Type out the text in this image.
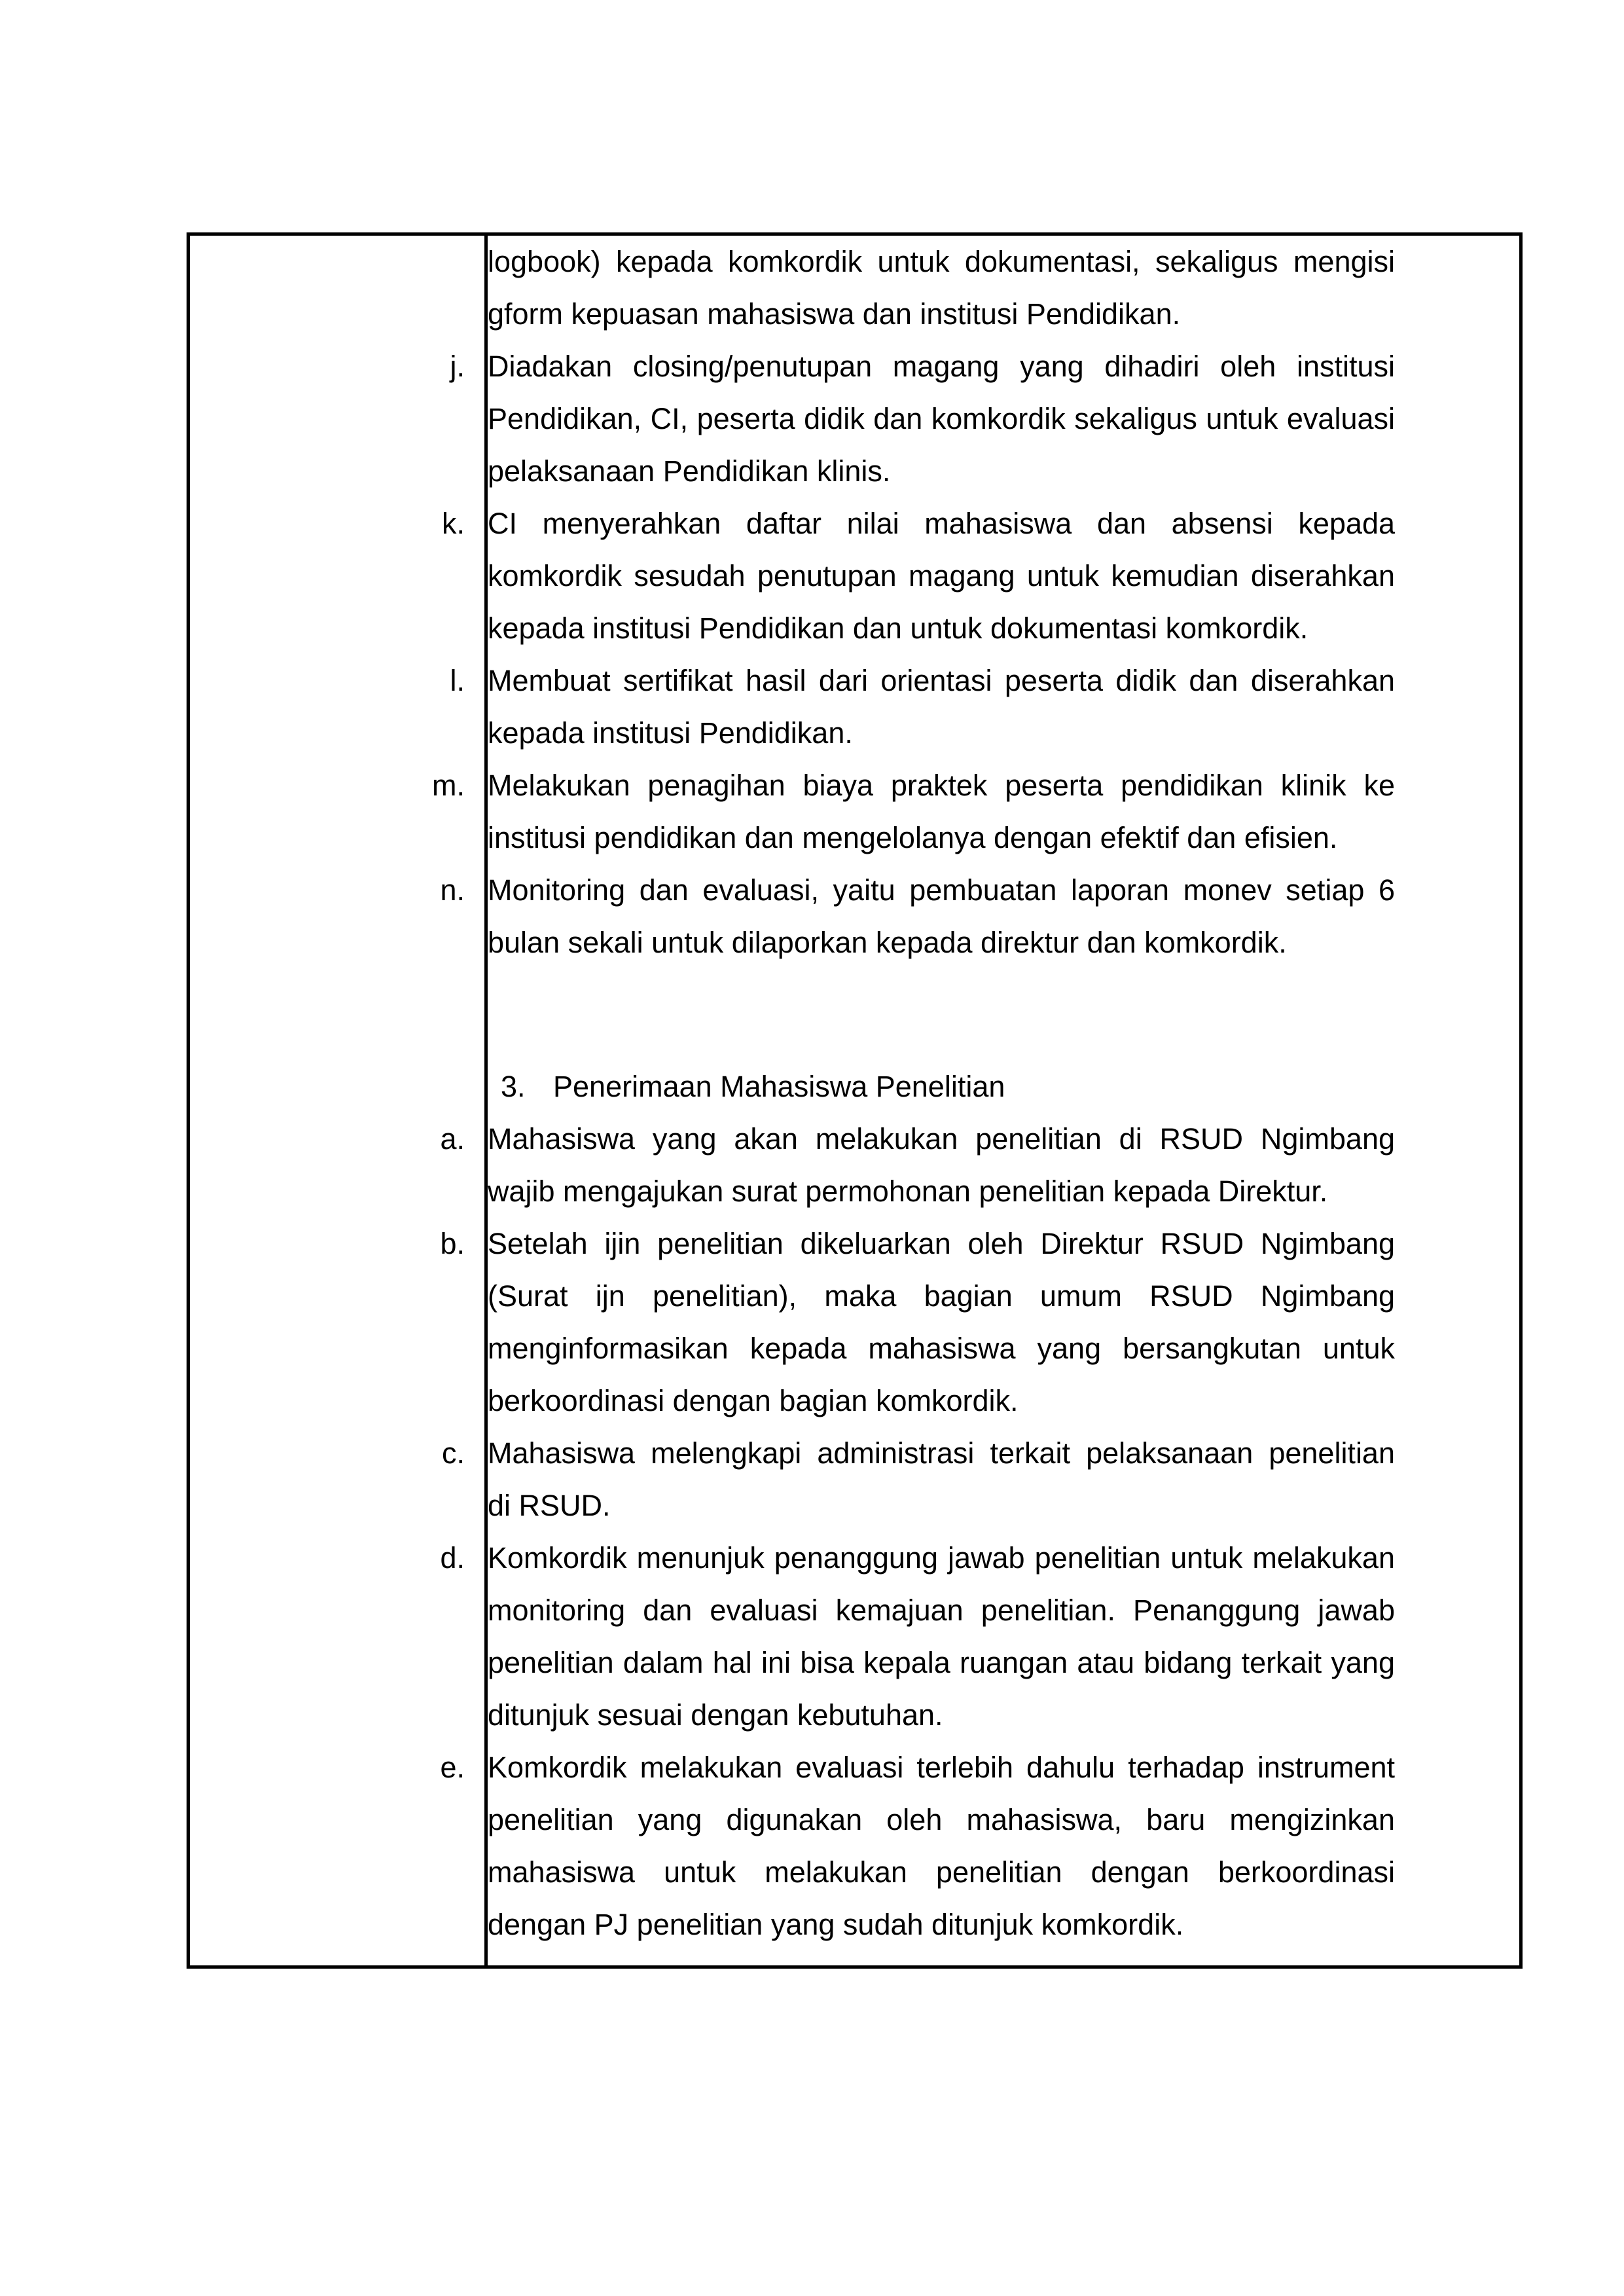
logbook) kepada komkordik untuk dokumentasi, sekaligus mengisi
gform kepuasan mahasiswa dan institusi Pendidikan.
j. Diadakan closing/penutupan magang yang dihadiri oleh institusi
Pendidikan, CI, peserta didik dan komkordik sekaligus untuk evaluasi
pelaksanaan Pendidikan klinis.
k. CI menyerahkan daftar nilai mahasiswa dan absensi kepada
komkordik sesudah penutupan magang untuk kemudian diserahkan
kepada institusi Pendidikan dan untuk dokumentasi komkordik.
l. Membuat sertifikat hasil dari orientasi peserta didik dan diserahkan
kepada institusi Pendidikan.
m. Melakukan penagihan biaya praktek peserta pendidikan klinik ke
institusi pendidikan dan mengelolanya dengan efektif dan efisien.
n. Monitoring dan evaluasi, yaitu pembuatan laporan monev setiap 6
bulan sekali untuk dilaporkan kepada direktur dan komkordik.
3. Penerimaan Mahasiswa Penelitian
a. Mahasiswa yang akan melakukan penelitian di RSUD Ngimbang
wajib mengajukan surat permohonan penelitian kepada Direktur.
b. Setelah ijin penelitian dikeluarkan oleh Direktur RSUD Ngimbang
(Surat ijn penelitian), maka bagian umum RSUD Ngimbang
menginformasikan kepada mahasiswa yang bersangkutan untuk
berkoordinasi dengan bagian komkordik.
c. Mahasiswa melengkapi administrasi terkait pelaksanaan penelitian
di RSUD.
d. Komkordik menunjuk penanggung jawab penelitian untuk melakukan
monitoring dan evaluasi kemajuan penelitian. Penanggung jawab
penelitian dalam hal ini bisa kepala ruangan atau bidang terkait yang
ditunjuk sesuai dengan kebutuhan.
e. Komkordik melakukan evaluasi terlebih dahulu terhadap instrument
penelitian yang digunakan oleh mahasiswa, baru mengizinkan
mahasiswa untuk melakukan penelitian dengan berkoordinasi
dengan PJ penelitian yang sudah ditunjuk komkordik.
